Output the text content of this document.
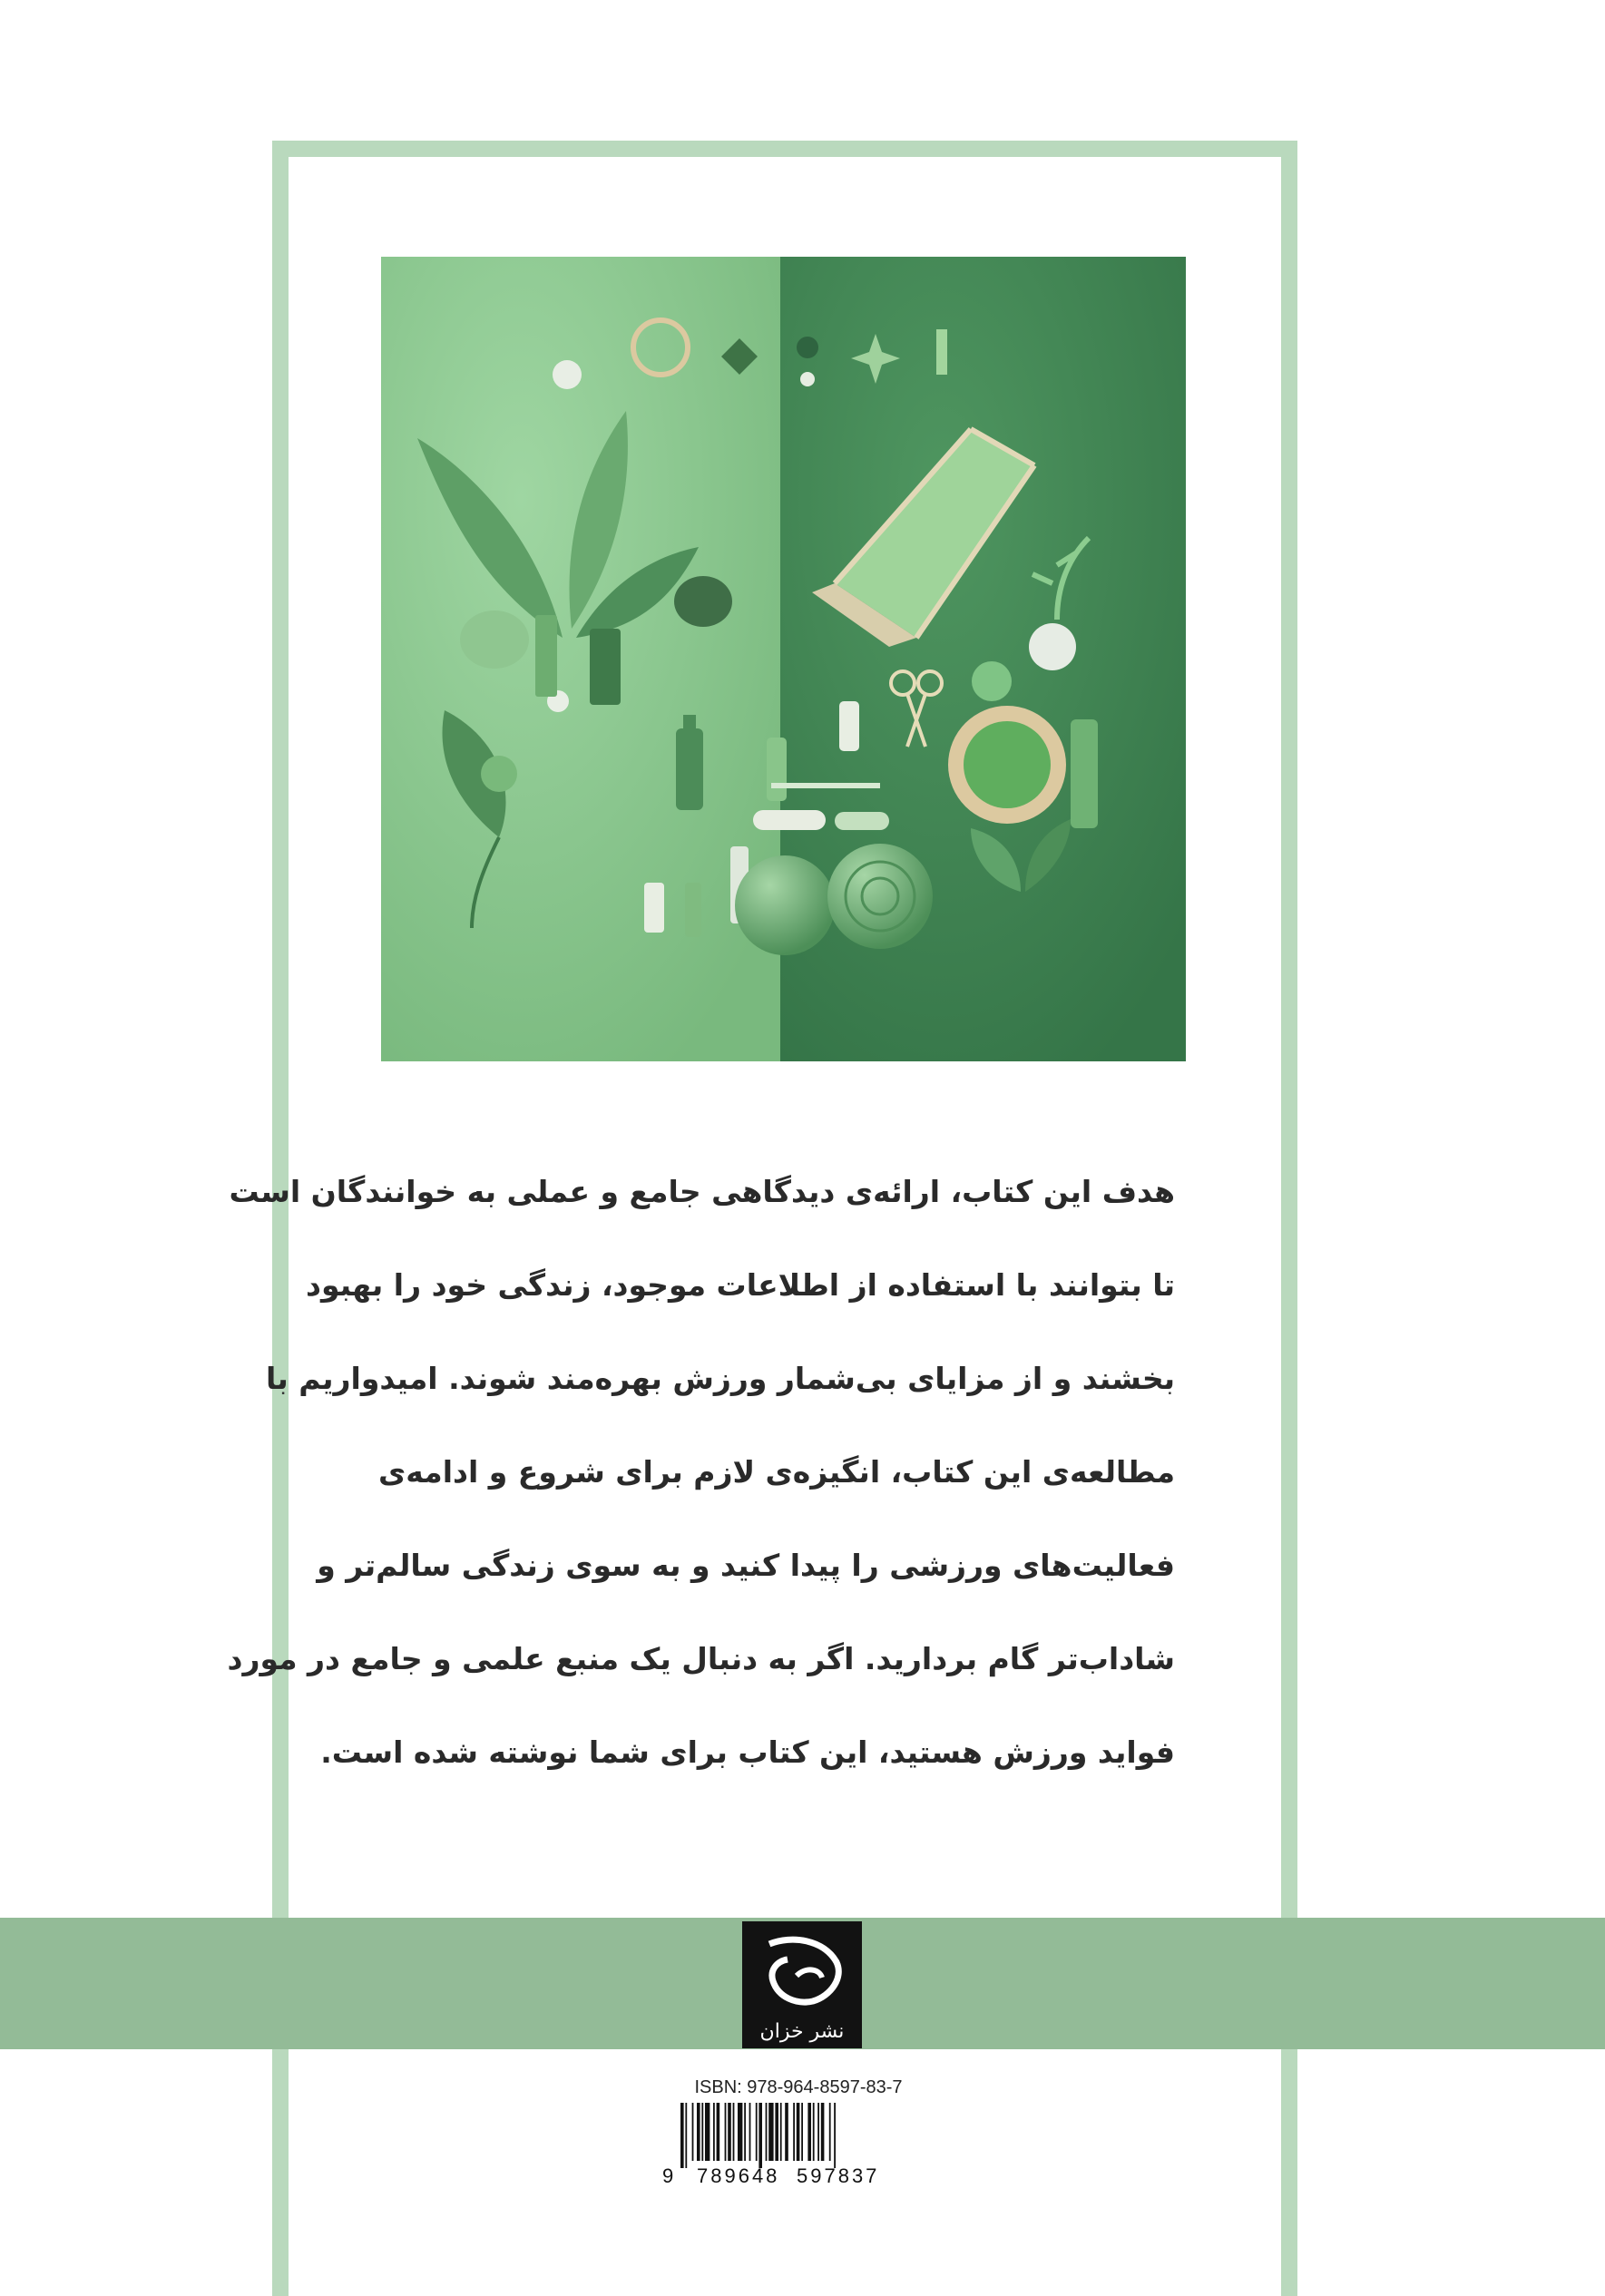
هدف این کتاب، ارائه‌ی دیدگاهی جامع و عملی به خوانندگان است
تا بتوانند با استفاده از اطلاعات موجود، زندگی خود را بهبود
بخشند و از مزایای بی‌شمار ورزش بهره‌مند شوند. امیدواریم با
مطالعه‌ی این کتاب، انگیزه‌ی لازم برای شروع و ادامه‌ی
فعالیت‌های ورزشی را پیدا کنید و به سوی زندگی سالم‌تر و
شاداب‌تر گام بردارید. اگر به دنبال یک منبع علمی و جامع در مورد
فواید ورزش هستید، این کتاب برای شما نوشته شده است.
نشر خزان
ISBN: 978-964-8597-83-7
9 789648 597837
